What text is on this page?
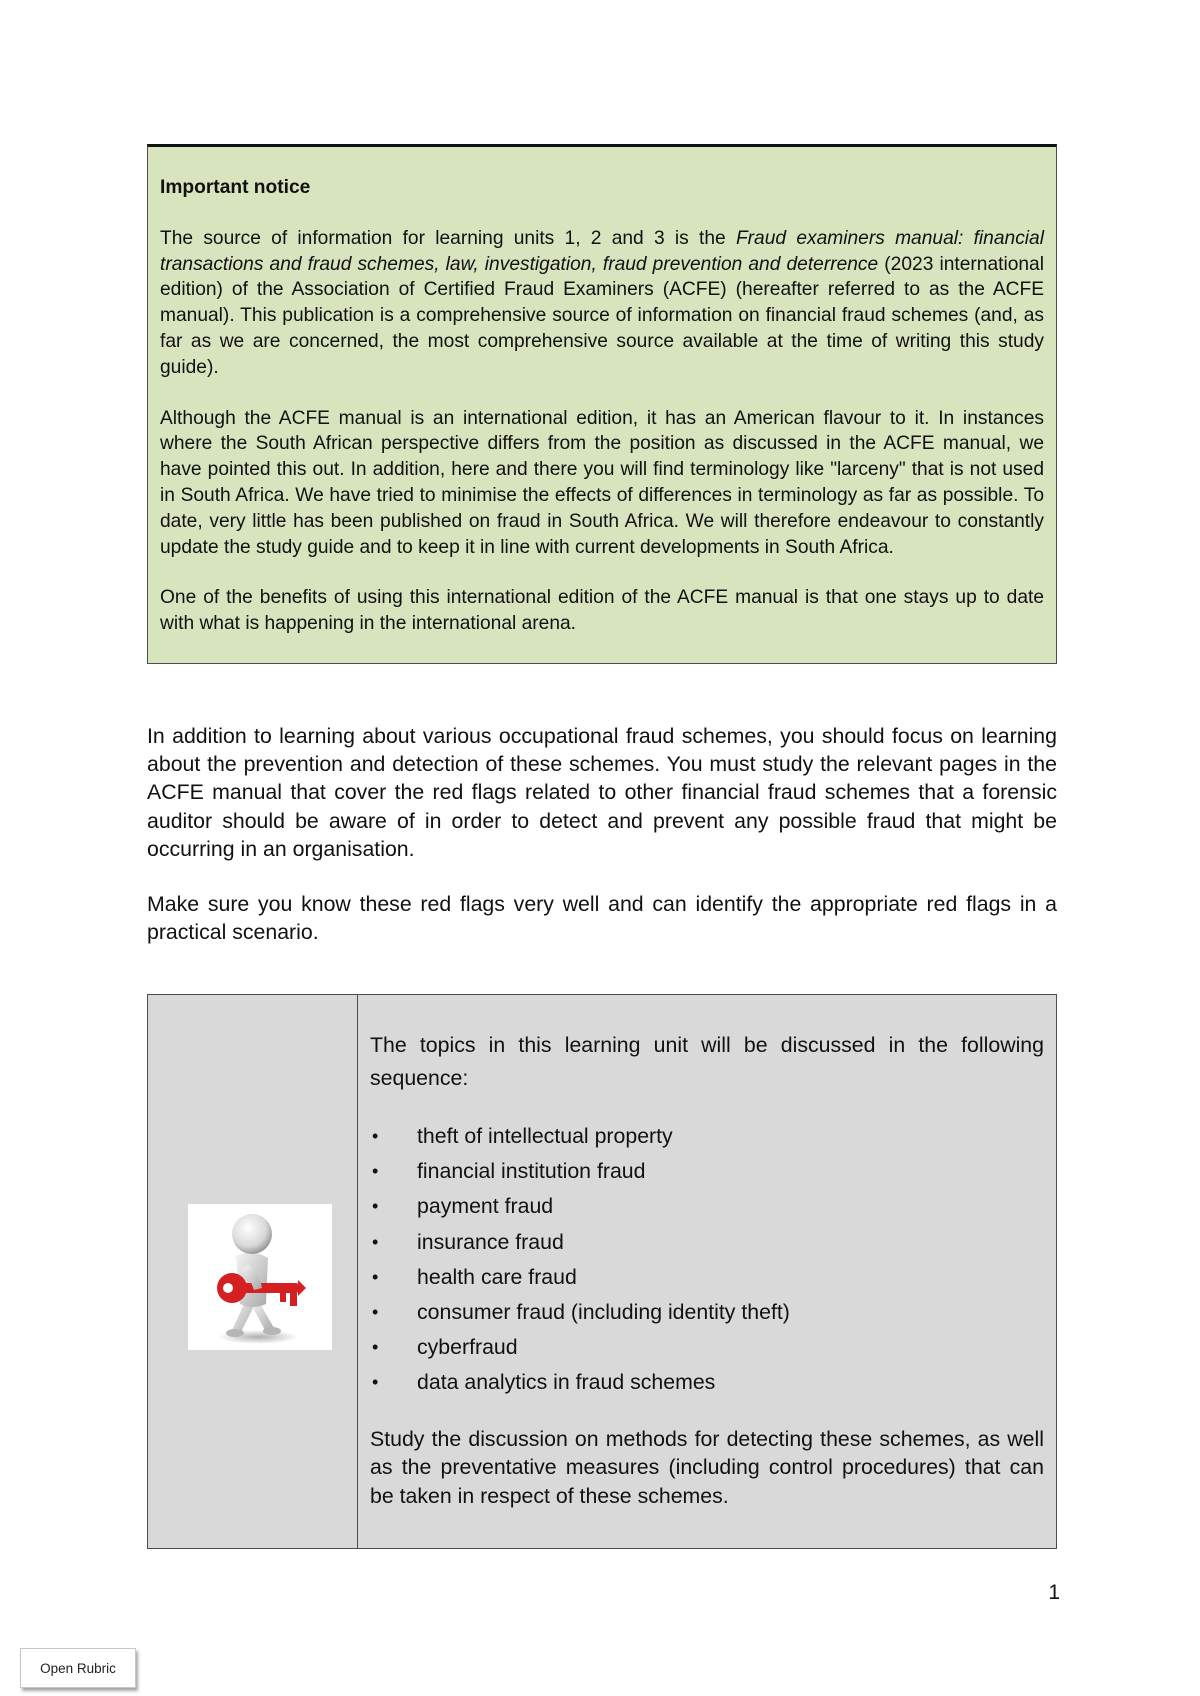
Important notice

The source of information for learning units 1, 2 and 3 is the Fraud examiners manual: financial transactions and fraud schemes, law, investigation, fraud prevention and deterrence (2023 international edition) of the Association of Certified Fraud Examiners (ACFE) (hereafter referred to as the ACFE manual). This publication is a comprehensive source of information on financial fraud schemes (and, as far as we are concerned, the most comprehensive source available at the time of writing this study guide).

Although the ACFE manual is an international edition, it has an American flavour to it. In instances where the South African perspective differs from the position as discussed in the ACFE manual, we have pointed this out. In addition, here and there you will find terminology like "larceny" that is not used in South Africa. We have tried to minimise the effects of differences in terminology as far as possible. To date, very little has been published on fraud in South Africa. We will therefore endeavour to constantly update the study guide and to keep it in line with current developments in South Africa.

One of the benefits of using this international edition of the ACFE manual is that one stays up to date with what is happening in the international arena.

In addition to learning about various occupational fraud schemes, you should focus on learning about the prevention and detection of these schemes. You must study the relevant pages in the ACFE manual that cover the red flags related to other financial fraud schemes that a forensic auditor should be aware of in order to detect and prevent any possible fraud that might be occurring in an organisation.

Make sure you know these red flags very well and can identify the appropriate red flags in a practical scenario.

The topics in this learning unit will be discussed in the following sequence:

• theft of intellectual property
• financial institution fraud
• payment fraud
• insurance fraud
• health care fraud
• consumer fraud (including identity theft)
• cyberfraud
• data analytics in fraud schemes

Study the discussion on methods for detecting these schemes, as well as the preventative measures (including control procedures) that can be taken in respect of these schemes.

1
Open Rubric
